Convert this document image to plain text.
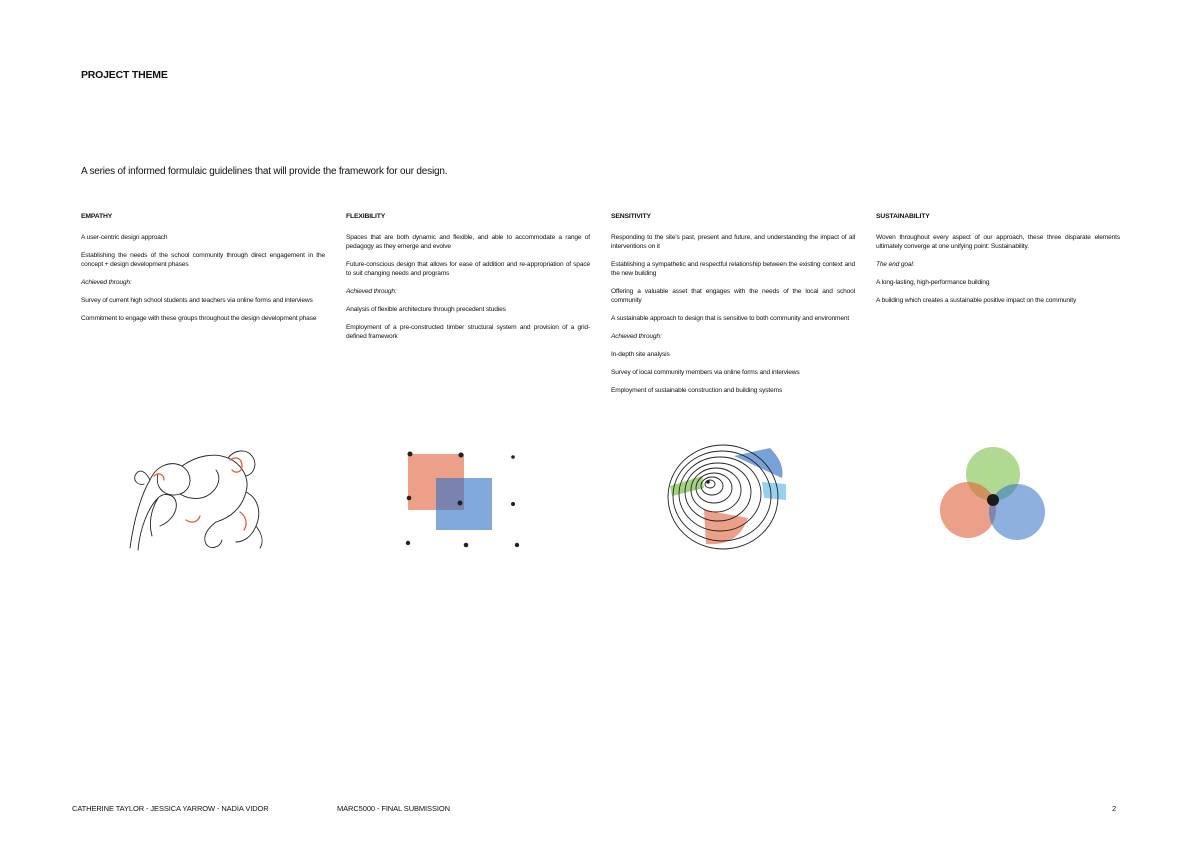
PROJECT THEME
A series of informed formulaic guidelines that will provide the framework for our design.
EMPATHY

A user-centric design approach

Establishing the needs of the school community through direct engagement in the concept + design development phases

Achieved through:

Survey of current high school students and teachers via online forms and interviews

Commitment to engage with these groups throughout the design development phase

FLEXIBILITY

Spaces that are both dynamic and flexible, and able to accommodate a range of pedagogy as they emerge and evolve

Future-conscious design that allows for ease of addition and re-appropriation of space to suit changing needs and programs

Achieved through:

Analysis of flexible architecture through precedent studies

Employment of a pre-constructed timber structural system and provision of a grid-defined framework

SENSITIVITY

Responding to the site's past, present and future, and understanding the impact of all interventions on it

Establishing a sympathetic and respectful relationship between the existing context and the new building

Offering a valuable asset that engages with the needs of the local and school community

A sustainable approach to design that is sensitive to both community and environment

Achieved through:

In-depth site analysis

Survey of local community members via online forms and interviews

Employment of sustainable construction and building systems

SUSTAINABILITY

Woven throughout every aspect of our approach, these three disparate elements ultimately converge at one unifying point: Sustainability.

The end goal:

A long-lasting, high-performance building

A building which creates a sustainable positive impact on the community

CATHERINE TAYLOR - JESSICA YARROW - NADIA VIDOR	MARC5000 - FINAL SUBMISSION	2
